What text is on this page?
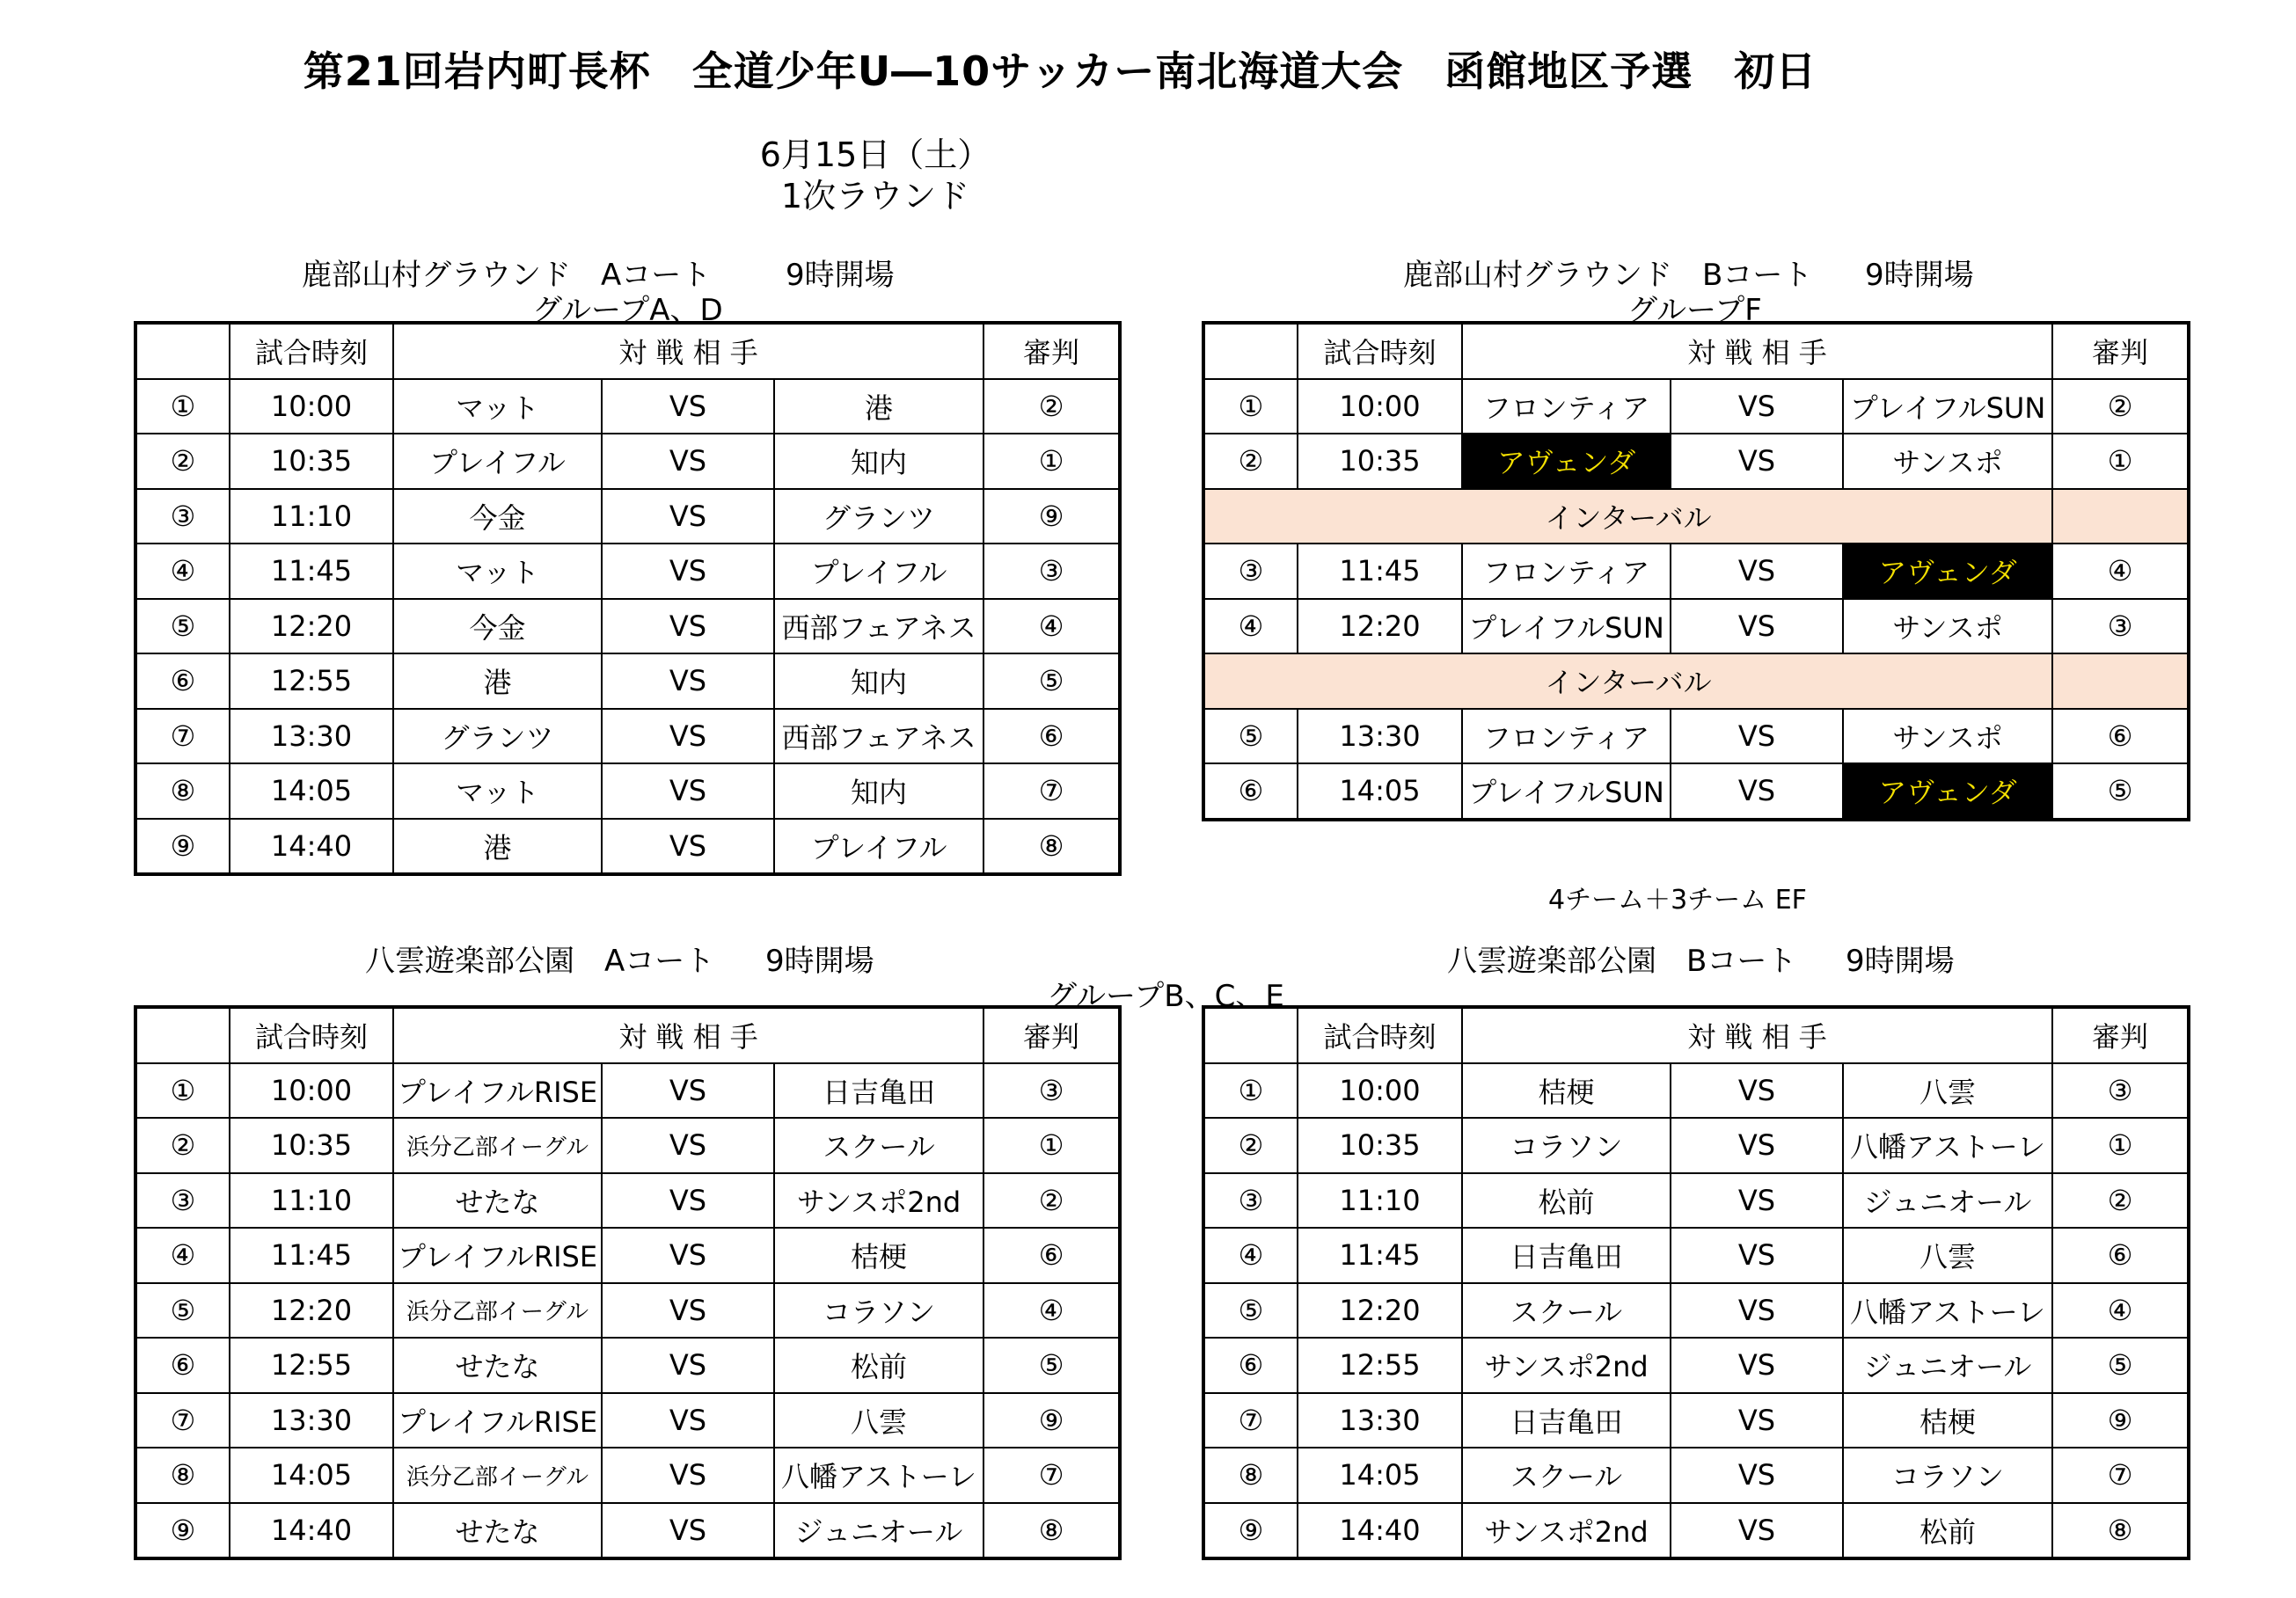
第21回岩内町長杯　全道少年U―10サッカー南北海道大会　函館地区予選　初日
6月15日（土）
1次ラウンド
鹿部山村グラウンド　Aコート 9時開場
グループA、D
	試合時刻	対 戦 相 手			審判
①	10:00	マット	VS	港	②
②	10:35	プレイフル	VS	知内	①
③	11:10	今金	VS	グランツ	⑨
④	11:45	マット	VS	プレイフル	③
⑤	12:20	今金	VS	西部フェアネス	④
⑥	12:55	港	VS	知内	⑤
⑦	13:30	グランツ	VS	西部フェアネス	⑥
⑧	14:05	マット	VS	知内	⑦
⑨	14:40	港	VS	プレイフル	⑧
鹿部山村グラウンド　Bコート 9時開場
グループF
	試合時刻	対 戦 相 手			審判
①	10:00	フロンティア	VS	プレイフルSUN	②
②	10:35	アヴェンダ	VS	サンスポ	①
インターバル					
③	11:45	フロンティア	VS	アヴェンダ	④
④	12:20	プレイフルSUN	VS	サンスポ	③
インターバル					
⑤	13:30	フロンティア	VS	サンスポ	⑥
⑥	14:05	プレイフルSUN	VS	アヴェンダ	⑤
4チーム＋3チーム EF
八雲遊楽部公園　Aコート 9時開場	八雲遊楽部公園　Bコート 9時開場
グループB、C、E
	試合時刻	対 戦 相 手			審判
①	10:00	プレイフルRISE	VS	日吉亀田	③
②	10:35	浜分乙部イーグル	VS	スクール	①
③	11:10	せたな	VS	サンスポ2nd	②
④	11:45	プレイフルRISE	VS	桔梗	⑥
⑤	12:20	浜分乙部イーグル	VS	コラソン	④
⑥	12:55	せたな	VS	松前	⑤
⑦	13:30	プレイフルRISE	VS	八雲	⑨
⑧	14:05	浜分乙部イーグル	VS	八幡アストーレ	⑦
⑨	14:40	せたな	VS	ジュニオール	⑧
	試合時刻	対 戦 相 手			審判
①	10:00	桔梗	VS	八雲	③
②	10:35	コラソン	VS	八幡アストーレ	①
③	11:10	松前	VS	ジュニオール	②
④	11:45	日吉亀田	VS	八雲	⑥
⑤	12:20	スクール	VS	八幡アストーレ	④
⑥	12:55	サンスポ2nd	VS	ジュニオール	⑤
⑦	13:30	日吉亀田	VS	桔梗	⑨
⑧	14:05	スクール	VS	コラソン	⑦
⑨	14:40	サンスポ2nd	VS	松前	⑧
